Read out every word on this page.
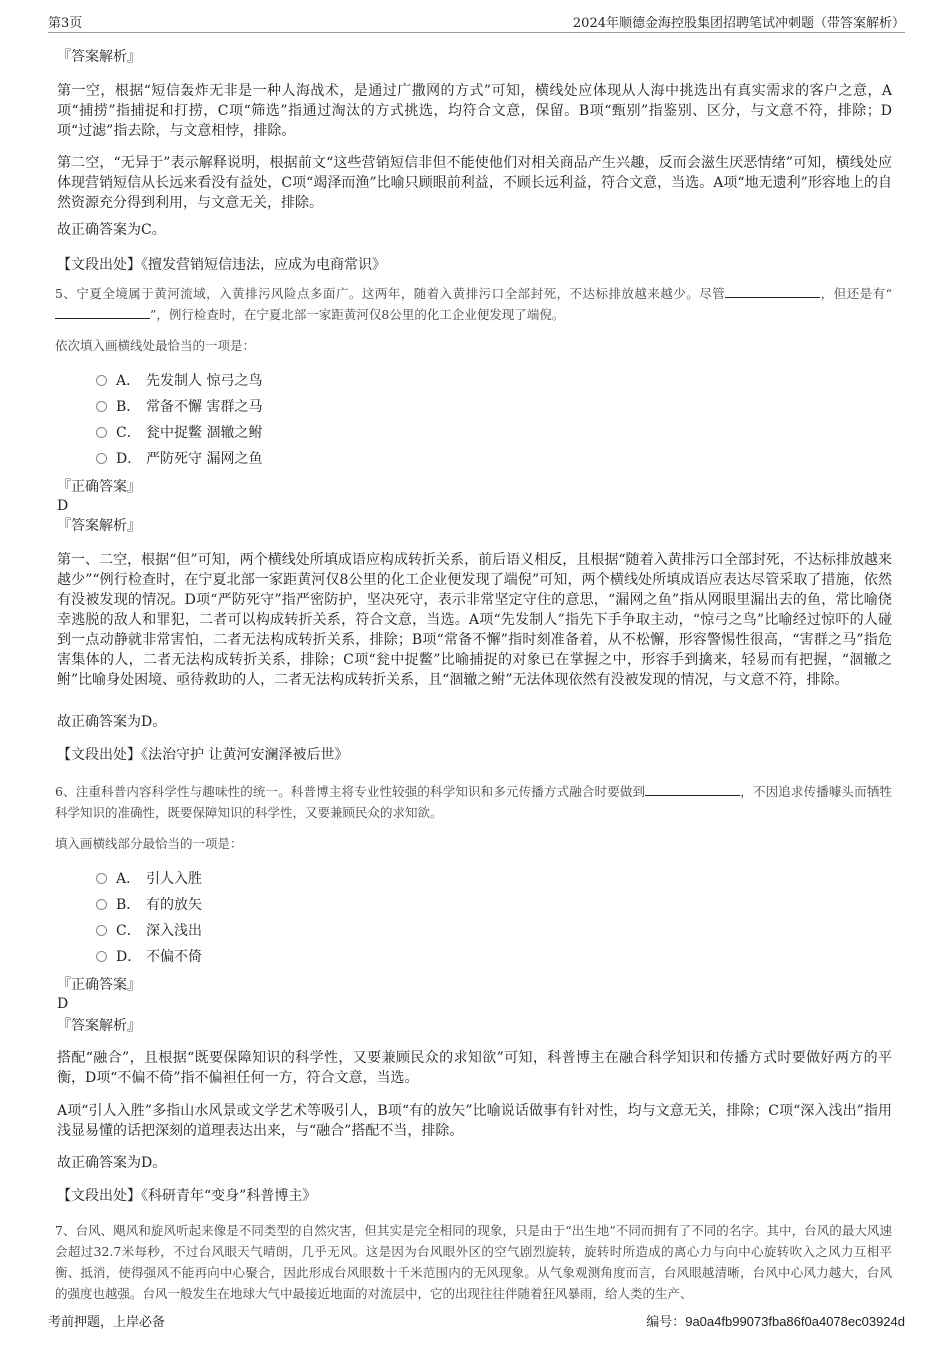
第3页	2024年顺德金海控股集团招聘笔试冲刺题（带答案解析）

『答案解析』

第一空，根据“短信轰炸无非是一种人海战术，是通过广撒网的方式”可知，横线处应体现从人海中挑选出有真实需求的客户之意，A项“捕捞”指捕捉和打捞，C项“筛选”指通过淘汰的方式挑选，均符合文意，保留。B项“甄别”指鉴别、区分，与文意不符，排除；D项“过滤”指去除，与文意相悖，排除。

第二空，“无异于”表示解释说明，根据前文“这些营销短信非但不能使他们对相关商品产生兴趣，反而会滋生厌恶情绪”可知，横线处应体现营销短信从长远来看没有益处，C项“竭泽而渔”比喻只顾眼前利益，不顾长远利益，符合文意，当选。A项“地无遗利”形容地上的自然资源充分得到利用，与文意无关，排除。

故正确答案为C。

【文段出处】《擅发营销短信违法，应成为电商常识》

5、宁夏全境属于黄河流域，入黄排污风险点多面广。这两年，随着入黄排污口全部封死，不达标排放越来越少。尽管	，但还是有“”，例行检查时，在宁夏北部一家距黄河仅8公里的化工企业便发现了端倪。

依次填入画横线处最恰当的一项是：

A． 先发制人 惊弓之鸟
B． 常备不懈 害群之马
C． 瓮中捉鳖 涸辙之鲋
D． 严防死守 漏网之鱼

『正确答案』

D

『答案解析』

第一、二空，根据“但”可知，两个横线处所填成语应构成转折关系，前后语义相反，且根据“随着入黄排污口全部封死，不达标排放越来越少”“例行检查时，在宁夏北部一家距黄河仅8公里的化工企业便发现了端倪”可知，两个横线处所填成语应表达尽管采取了措施，依然有没被发现的情况。D项“严防死守”指严密防护，坚决死守，表示非常坚定守住的意思，“漏网之鱼”指从网眼里漏出去的鱼，常比喻侥幸逃脱的敌人和罪犯，二者可以构成转折关系，符合文意，当选。A项“先发制人”指先下手争取主动，“惊弓之鸟”比喻经过惊吓的人碰到一点动静就非常害怕，二者无法构成转折关系，排除；B项“常备不懈”指时刻准备着，从不松懈，形容警惕性很高，“害群之马”指危害集体的人，二者无法构成转折关系，排除；C项“瓮中捉鳖”比喻捕捉的对象已在掌握之中，形容手到擒来，轻易而有把握，“涸辙之鲋”比喻身处困境、亟待救助的人，二者无法构成转折关系，且“涸辙之鲋”无法体现依然有没被发现的情况，与文意不符，排除。

故正确答案为D。

【文段出处】《法治守护 让黄河安澜泽被后世》

6、注重科普内容科学性与趣味性的统一。科普博主将专业性较强的科学知识和多元传播方式融合时要做到	，不因追求传播噱头而牺牲科学知识的准确性，既要保障知识的科学性，又要兼顾民众的求知欲。

填入画横线部分最恰当的一项是：

A． 引人入胜
B． 有的放矢
C． 深入浅出
D． 不偏不倚

『正确答案』

D

『答案解析』

搭配“融合”，且根据“既要保障知识的科学性，又要兼顾民众的求知欲”可知，科普博主在融合科学知识和传播方式时要做好两方的平衡，D项“不偏不倚”指不偏袒任何一方，符合文意，当选。

A项“引人入胜”多指山水风景或文学艺术等吸引人，B项“有的放矢”比喻说话做事有针对性，均与文意无关，排除；C项“深入浅出”指用浅显易懂的话把深刻的道理表达出来，与“融合”搭配不当，排除。

故正确答案为D。

【文段出处】《科研青年“变身”科普博主》

7、台风、飓风和旋风听起来像是不同类型的自然灾害，但其实是完全相同的现象，只是由于“出生地”不同而拥有了不同的名字。其中，台风的最大风速会超过32.7米每秒，不过台风眼天气晴朗，几乎无风。这是因为台风眼外区的空气剧烈旋转，旋转时所造成的离心力与向中心旋转吹入之风力互相平衡、抵消，使得强风不能再向中心聚合，因此形成台风眼数十千米范围内的无风现象。从气象观测角度而言，台风眼越清晰，台风中心风力越大，台风的强度也越强。台风一般发生在地球大气中最接近地面的对流层中，它的出现往往伴随着狂风暴雨，给人类的生产、

考前押题，上岸必备	编号：9a0a4fb99073fba86f0a4078ec03924d
